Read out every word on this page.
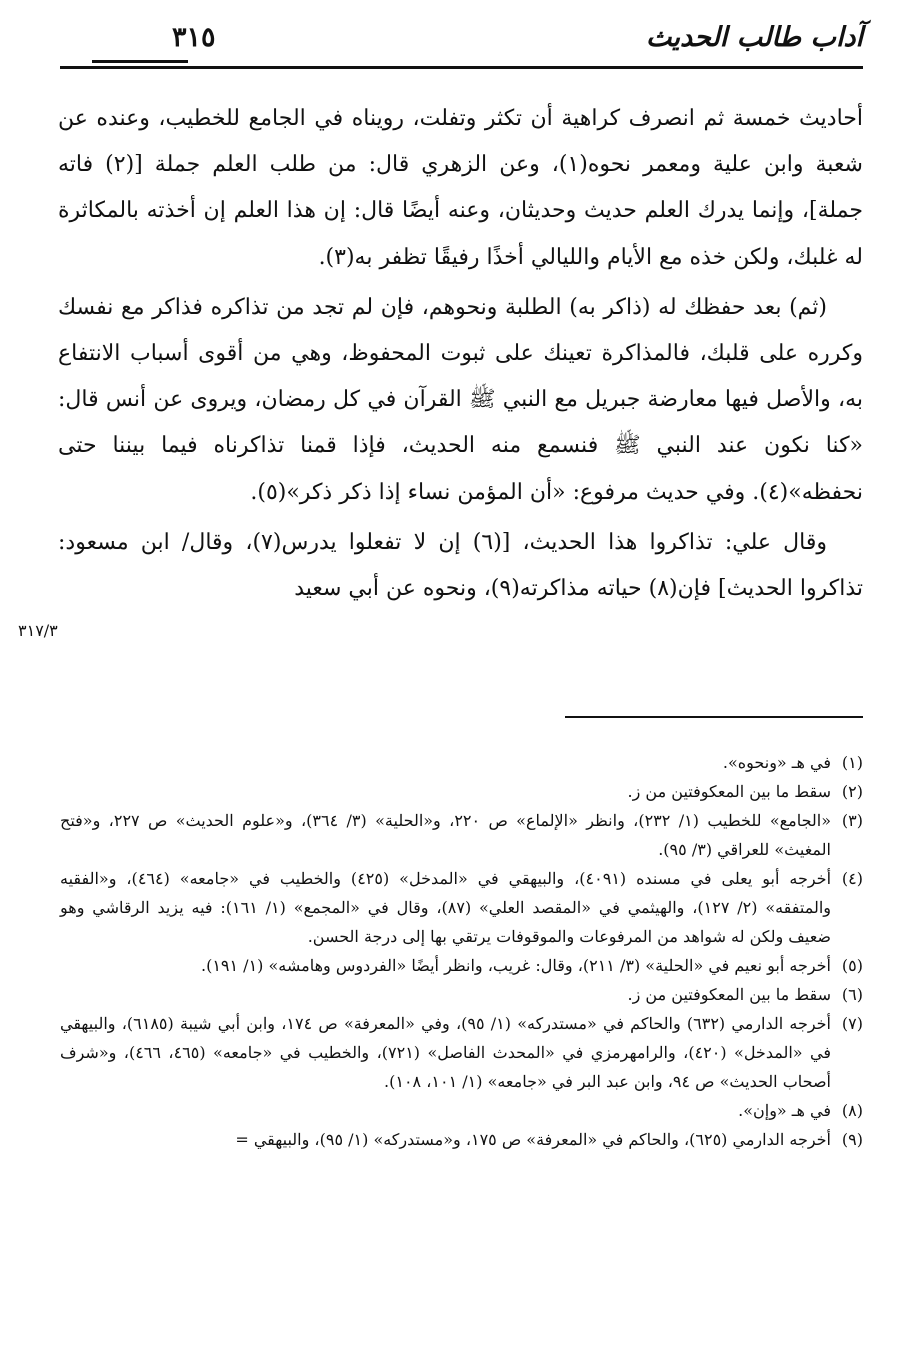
آداب طالب الحديث
٣١٥

أحاديث خمسة ثم انصرف كراهية أن تكثر وتفلت، رويناه في الجامع للخطيب، وعنده عن شعبة وابن علية ومعمر نحوه(١)، وعن الزهري قال: من طلب العلم جملة [(٢) فاته جملة]، وإنما يدرك العلم حديث وحديثان، وعنه أيضًا قال: إن هذا العلم إن أخذته بالمكاثرة له غلبك، ولكن خذه مع الأيام والليالي أخذًا رفيقًا تظفر به(٣).

(ثم) بعد حفظك له (ذاكر به) الطلبة ونحوهم، فإن لم تجد من تذاكره فذاكر مع نفسك وكرره على قلبك، فالمذاكرة تعينك على ثبوت المحفوظ، وهي من أقوى أسباب الانتفاع به، والأصل فيها معارضة جبريل مع النبي ﷺ القرآن في كل رمضان، ويروى عن أنس قال: «كنا نكون عند النبي ﷺ فنسمع منه الحديث، فإذا قمنا تذاكرناه فيما بيننا حتى نحفظه»(٤). وفي حديث مرفوع: «أن المؤمن نساء إذا ذكر ذكر»(٥).

وقال علي: تذاكروا هذا الحديث، [(٦) إن لا تفعلوا يدرس(٧)، وقال/ ابن مسعود: تذاكروا الحديث] فإن(٨) حياته مذاكرته(٩)، ونحوه عن أبي سعيد

٣١٧/٣

(١)
في هـ «ونحوه».

(٢)
سقط ما بين المعكوفتين من ز.

(٣)
«الجامع» للخطيب (١/ ٢٣٢)، وانظر «الإلماع» ص ٢٢٠، و«الحلية» (٣/ ٣٦٤)، و«علوم الحديث» ص ٢٢٧، و«فتح المغيث» للعراقي (٣/ ٩٥).

(٤)
أخرجه أبو يعلى في مسنده (٤٠٩١)، والبيهقي في «المدخل» (٤٢٥) والخطيب في «جامعه» (٤٦٤)، و«الفقيه والمتفقه» (٢/ ١٢٧)، والهيثمي في «المقصد العلي» (٨٧)، وقال في «المجمع» (١/ ١٦١): فيه يزيد الرقاشي وهو ضعيف ولكن له شواهد من المرفوعات والموقوفات يرتقي بها إلى درجة الحسن.

(٥)
أخرجه أبو نعيم في «الحلية» (٣/ ٢١١)، وقال: غريب، وانظر أيضًا «الفردوس وهامشه» (١/ ١٩١).

(٦)
سقط ما بين المعكوفتين من ز.

(٧)
أخرجه الدارمي (٦٣٢) والحاكم في «مستدركه» (١/ ٩٥)، وفي «المعرفة» ص ١٧٤، وابن أبي شيبة (٦١٨٥)، والبيهقي في «المدخل» (٤٢٠)، والرامهرمزي في «المحدث الفاصل» (٧٢١)، والخطيب في «جامعه» (٤٦٥، ٤٦٦)، و«شرف أصحاب الحديث» ص ٩٤، وابن عبد البر في «جامعه» (١/ ١٠١، ١٠٨).

(٨)
في هـ «وإن».

(٩)
أخرجه الدارمي (٦٢٥)، والحاكم في «المعرفة» ص ١٧٥، و«مستدركه» (١/ ٩٥)، والبيهقي =
